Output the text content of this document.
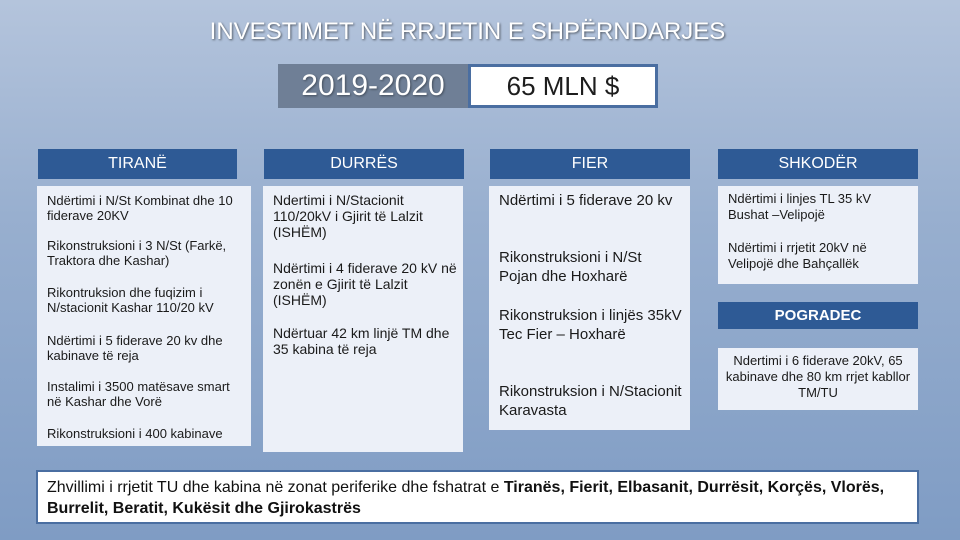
INVESTIMET NË RRJETIN E SHPËRNDARJES
2019-2020	65 MLN $
TIRANË
Ndërtimi i N/St Kombinat dhe 10 fiderave 20KV
Rikonstruksioni i 3 N/St (Farkë, Traktora dhe Kashar)
Rikontruksion dhe fuqizim i N/stacionit Kashar 110/20 kV
Ndërtimi i 5 fiderave 20 kv dhe kabinave të reja
Instalimi i 3500 matësave smart në Kashar dhe Vorë
Rikonstruksioni i 400 kabinave
DURRËS
Ndertimi i N/Stacionit 110/20kV i Gjirit të Lalzit (ISHËM)
Ndërtimi i 4 fiderave 20 kV në zonën e Gjirit të Lalzit (ISHËM)
Ndërtuar 42 km linjë TM dhe 35 kabina të reja
FIER
Ndërtimi i 5 fiderave 20 kv
Rikonstruksioni i N/St Pojan dhe Hoxharë
Rikonstruksion i linjës 35kV Tec Fier – Hoxharë
Rikonstruksion i N/Stacionit Karavasta
SHKODËR
Ndërtimi i linjes TL 35 kV Bushat –Velipojë
Ndërtimi i rrjetit 20kV në Velipojë dhe Bahçallëk
POGRADEC
Ndertimi i 6 fiderave 20kV, 65 kabinave dhe 80 km rrjet kabllor TM/TU
Zhvillimi i rrjetit TU dhe kabina në zonat periferike dhe fshatrat e Tiranës, Fierit, Elbasanit, Durrësit, Korçës, Vlorës, Burrelit, Beratit, Kukësit dhe Gjirokastrës
